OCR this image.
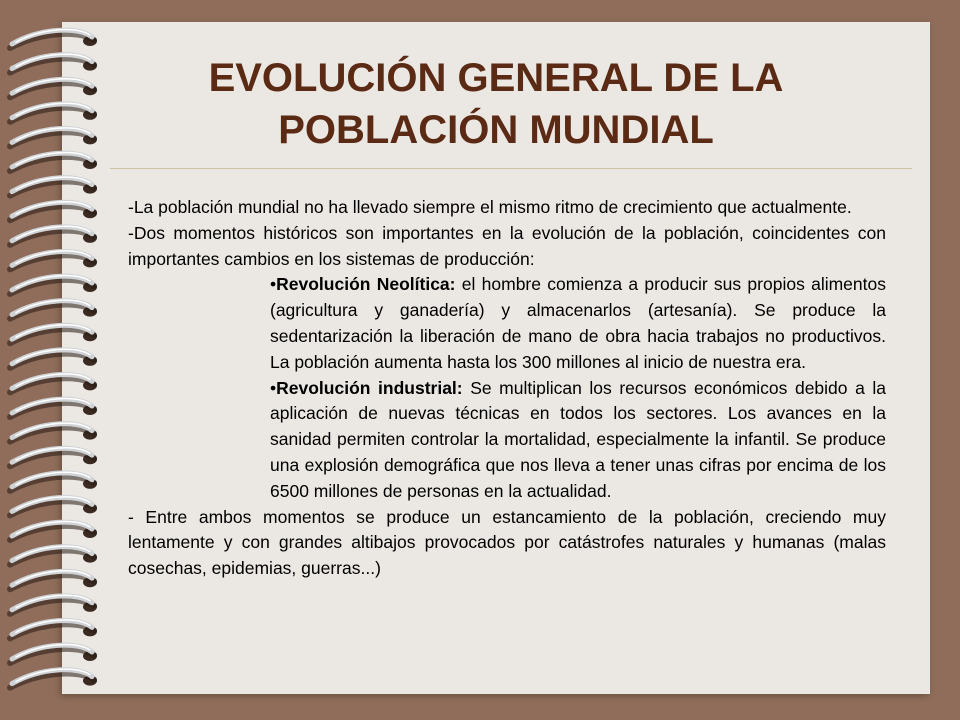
EVOLUCIÓN GENERAL DE LA
POBLACIÓN MUNDIAL

-La población mundial no ha llevado siempre el mismo ritmo de crecimiento que actualmente.

-Dos momentos históricos son importantes en la evolución de la población, coincidentes con importantes cambios en los sistemas de producción:

•Revolución Neolítica: el hombre comienza a producir sus propios alimentos (agricultura y ganadería) y almacenarlos (artesanía). Se produce la sedentarización la liberación de mano de obra hacia trabajos no productivos. La población aumenta hasta los 300 millones al inicio de nuestra era.

•Revolución industrial: Se multiplican los recursos económicos debido a la aplicación de nuevas técnicas en todos los sectores. Los avances en la sanidad permiten controlar la mortalidad, especialmente la infantil. Se produce una explosión demográfica que nos lleva a tener unas cifras por encima de los 6500 millones de personas en la actualidad.

- Entre ambos momentos se produce un estancamiento de la población, creciendo muy lentamente y con grandes altibajos provocados por catástrofes naturales y humanas (malas cosechas, epidemias, guerras...)
